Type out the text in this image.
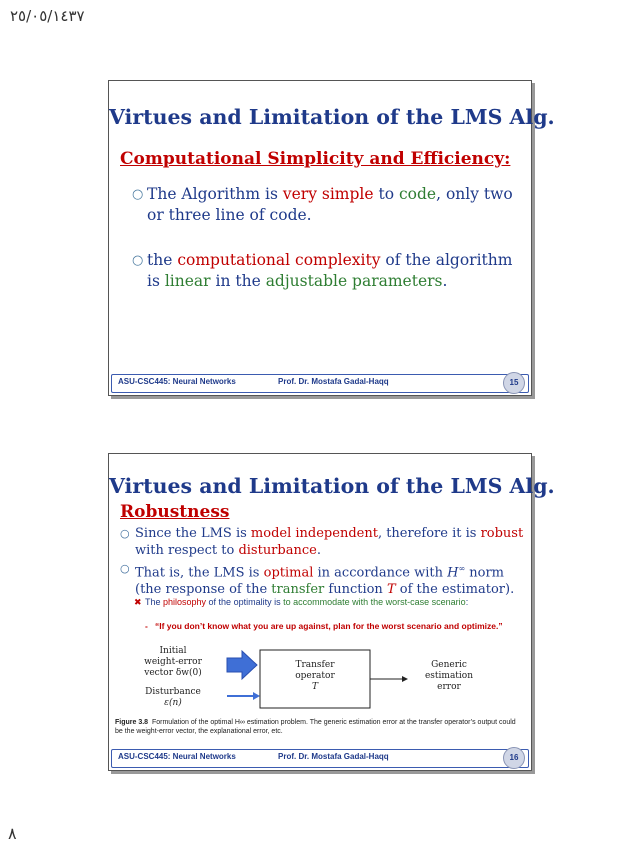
٢٥/٠٥/١٤٣٧
Virtues and Limitation of the LMS Alg.
Computational Simplicity and Efficiency:
○ The Algorithm is very simple to code, only two or three line of code.
○ the computational complexity of the algorithm is linear in the adjustable parameters.
ASU-CSC445: Neural Networks	Prof. Dr. Mostafa Gadal-Haqq	15
Virtues and Limitation of the LMS Alg.
Robustness
○ Since the LMS is model independent, therefore it is robust with respect to disturbance.
○ That is, the LMS is optimal in accordance with H∞ norm (the response of the transfer function T of the estimator).
✖ The philosophy of the optimality is to accommodate with the worst-case scenario:
- “If you don’t know what you are up against, plan for the worst scenario and optimize.”
Initial
weight-error
vector δw(0)
Disturbance
ε(n)
Transfer
operator
T
Generic
estimation
error
Figure 3.8 Formulation of the optimal H∞ estimation problem. The generic estimation error at the transfer operator’s output could be the weight-error vector, the explanational error, etc.
ASU-CSC445: Neural Networks	Prof. Dr. Mostafa Gadal-Haqq	16
٨
